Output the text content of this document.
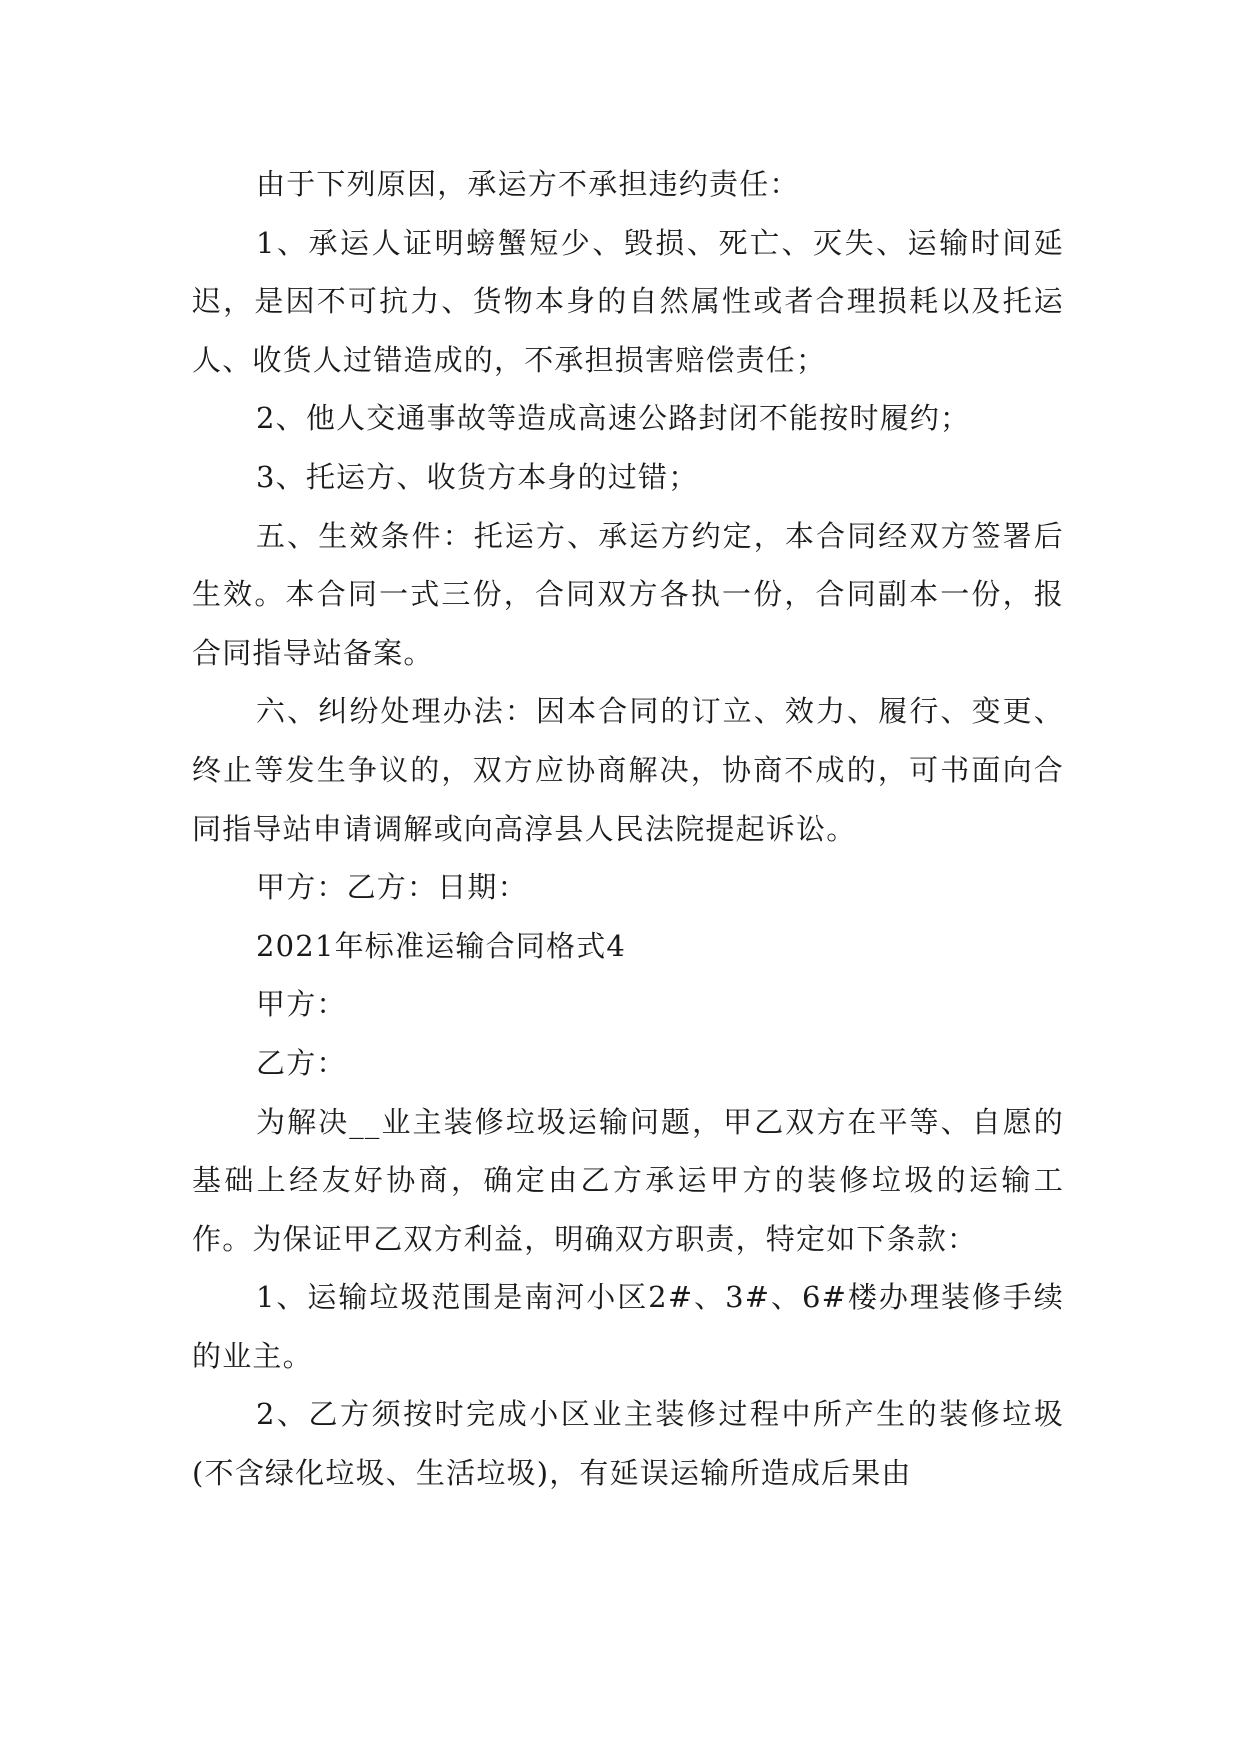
由于下列原因，承运方不承担违约责任：

1、承运人证明螃蟹短少、毁损、死亡、灭失、运输时间延迟，是因不可抗力、货物本身的自然属性或者合理损耗以及托运人、收货人过错造成的，不承担损害赔偿责任；

2、他人交通事故等造成高速公路封闭不能按时履约；

3、托运方、收货方本身的过错；

五、生效条件：托运方、承运方约定，本合同经双方签署后生效。本合同一式三份，合同双方各执一份，合同副本一份，报合同指导站备案。

六、纠纷处理办法：因本合同的订立、效力、履行、变更、终止等发生争议的，双方应协商解决，协商不成的，可书面向合同指导站申请调解或向高淳县人民法院提起诉讼。

甲方：乙方：日期：

2021年标准运输合同格式4

甲方：

乙方：

为解决__业主装修垃圾运输问题，甲乙双方在平等、自愿的基础上经友好协商，确定由乙方承运甲方的装修垃圾的运输工作。为保证甲乙双方利益，明确双方职责，特定如下条款：

1、运输垃圾范围是南河小区2#、3#、6#楼办理装修手续的业主。

2、乙方须按时完成小区业主装修过程中所产生的装修垃圾(不含绿化垃圾、生活垃圾)，有延误运输所造成后果由
